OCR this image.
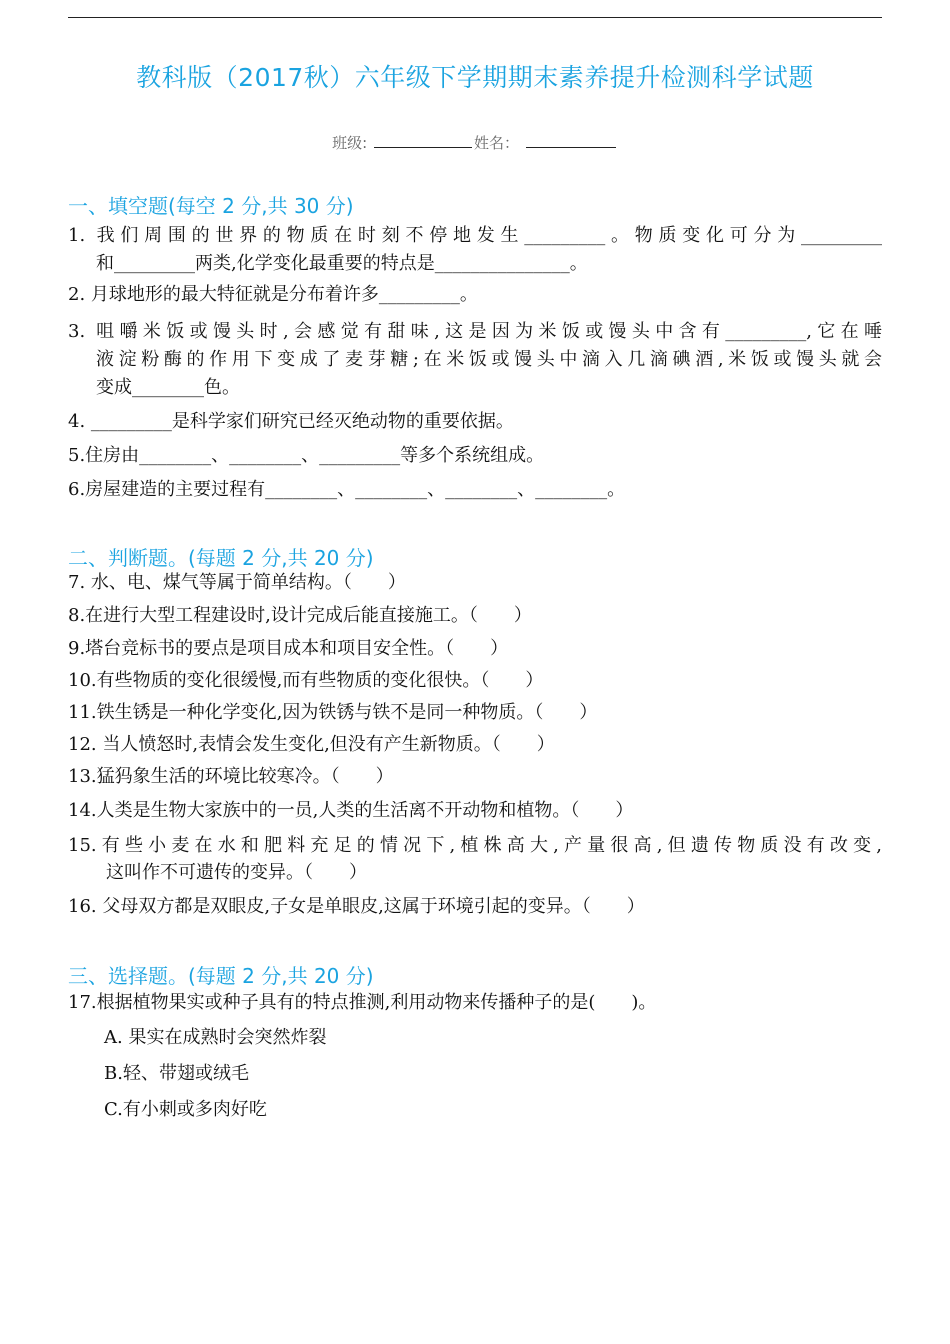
教科版（2017秋）六年级下学期期末素养提升检测科学试题
班级:	姓名：
一、填空题(每空 2 分,共 30 分)
1. 我们周围的世界的物质在时刻不停地发生_________。物质变化可分为_________
和_________两类,化学变化最重要的特点是_______________。
2. 月球地形的最大特征就是分布着许多_________。
3. 咀嚼米饭或馒头时,会感觉有甜味,这是因为米饭或馒头中含有_________,它在唾
液淀粉酶的作用下变成了麦芽糖;在米饭或馒头中滴入几滴碘酒,米饭或馒头就会
变成________色。
4. _________是科学家们研究已经灭绝动物的重要依据。
5.住房由________、________、_________等多个系统组成。
6.房屋建造的主要过程有________、________、________、________。
二、判断题。(每题 2 分,共 20 分)
7. 水、电、煤气等属于简单结构。（　　）
8.在进行大型工程建设时,设计完成后能直接施工。（　　）
9.塔台竞标书的要点是项目成本和项目安全性。（　　）
10.有些物质的变化很缓慢,而有些物质的变化很快。（　　）
11.铁生锈是一种化学变化,因为铁锈与铁不是同一种物质。（　　）
12. 当人愤怒时,表情会发生变化,但没有产生新物质。（　　）
13.猛犸象生活的环境比较寒冷。（　　）
14.人类是生物大家族中的一员,人类的生活离不开动物和植物。（　　）
15.有些小麦在水和肥料充足的情况下,植株高大,产量很高,但遗传物质没有改变,
这叫作不可遗传的变异。（　　）
16. 父母双方都是双眼皮,子女是单眼皮,这属于环境引起的变异。（　　）
三、选择题。(每题 2 分,共 20 分)
17.根据植物果实或种子具有的特点推测,利用动物来传播种子的是(　　)。
A. 果实在成熟时会突然炸裂
B.轻、带翅或绒毛
C.有小刺或多肉好吃
